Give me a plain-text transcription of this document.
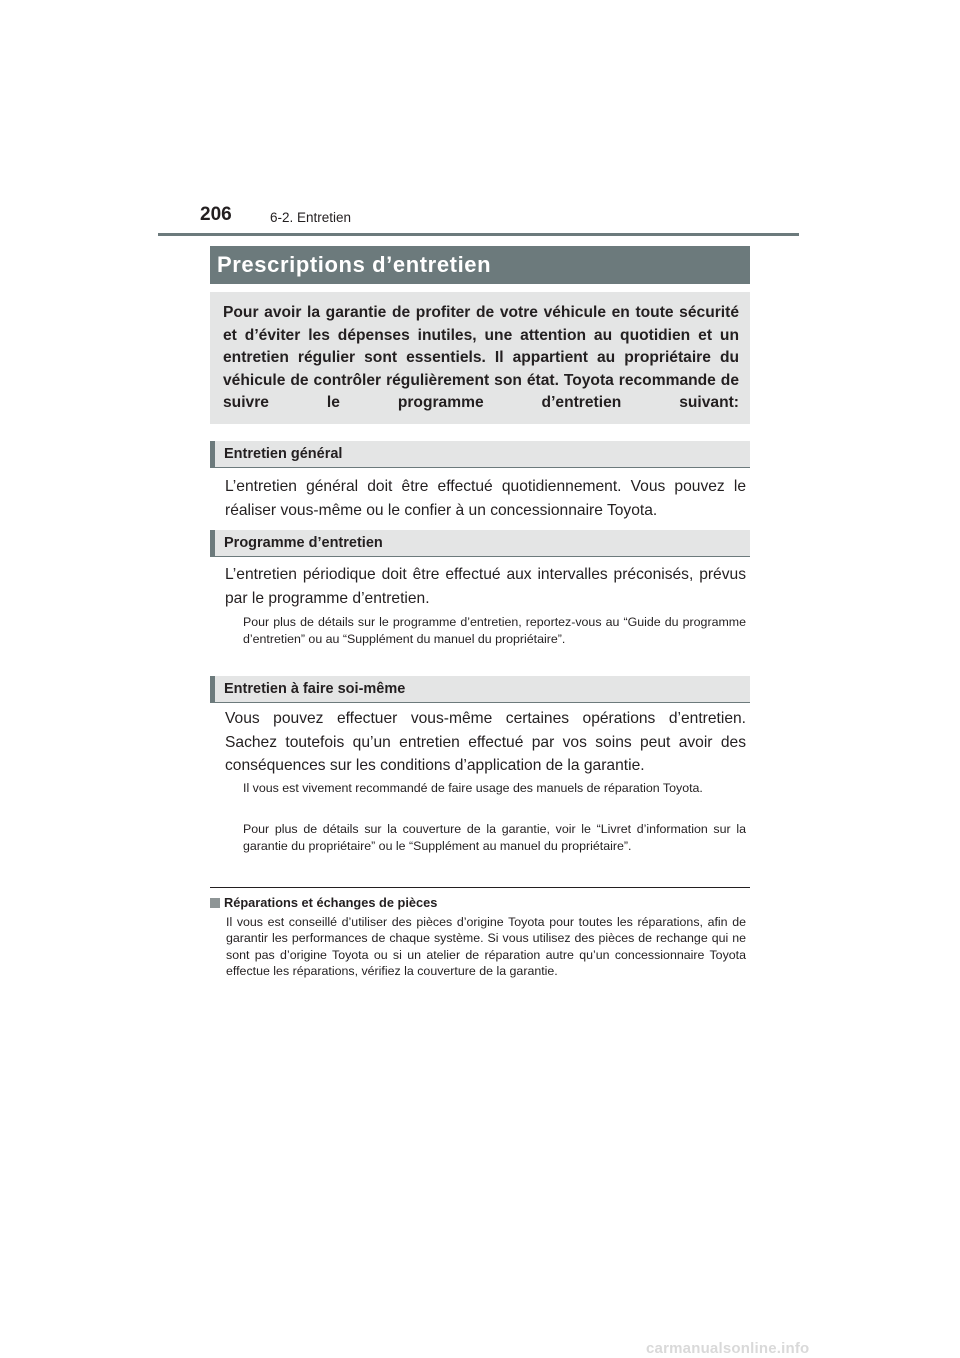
206	6-2. Entretien
Prescriptions d’entretien

Pour avoir la garantie de profiter de votre véhicule en toute sécurité et d’éviter les dépenses inutiles, une attention au quotidien et un entretien régulier sont essentiels. Il appartient au propriétaire du véhicule de contrôler régulièrement son état. Toyota recommande de suivre le programme d’entretien suivant:

Entretien général

L’entretien général doit être effectué quotidiennement. Vous pouvez le réaliser vous-même ou le confier à un concessionnaire Toyota.

Programme d’entretien

L’entretien périodique doit être effectué aux intervalles préconisés, prévus par le programme d’entretien.

Pour plus de détails sur le programme d’entretien, reportez-vous au “Guide du programme d’entretien” ou au “Supplément du manuel du propriétaire”.

Entretien à faire soi-même

Vous pouvez effectuer vous-même certaines opérations d’entretien. Sachez toutefois qu’un entretien effectué par vos soins peut avoir des conséquences sur les conditions d’application de la garantie.

Il vous est vivement recommandé de faire usage des manuels de réparation Toyota.

Pour plus de détails sur la couverture de la garantie, voir le “Livret d’information sur la garantie du propriétaire” ou le “Supplément au manuel du propriétaire”.

Réparations et échanges de pièces

Il vous est conseillé d’utiliser des pièces d’origine Toyota pour toutes les réparations, afin de garantir les performances de chaque système. Si vous utilisez des pièces de rechange qui ne sont pas d’origine Toyota ou si un atelier de réparation autre qu’un concessionnaire Toyota effectue les réparations, vérifiez la couverture de la garantie.

carmanualsonline.info
